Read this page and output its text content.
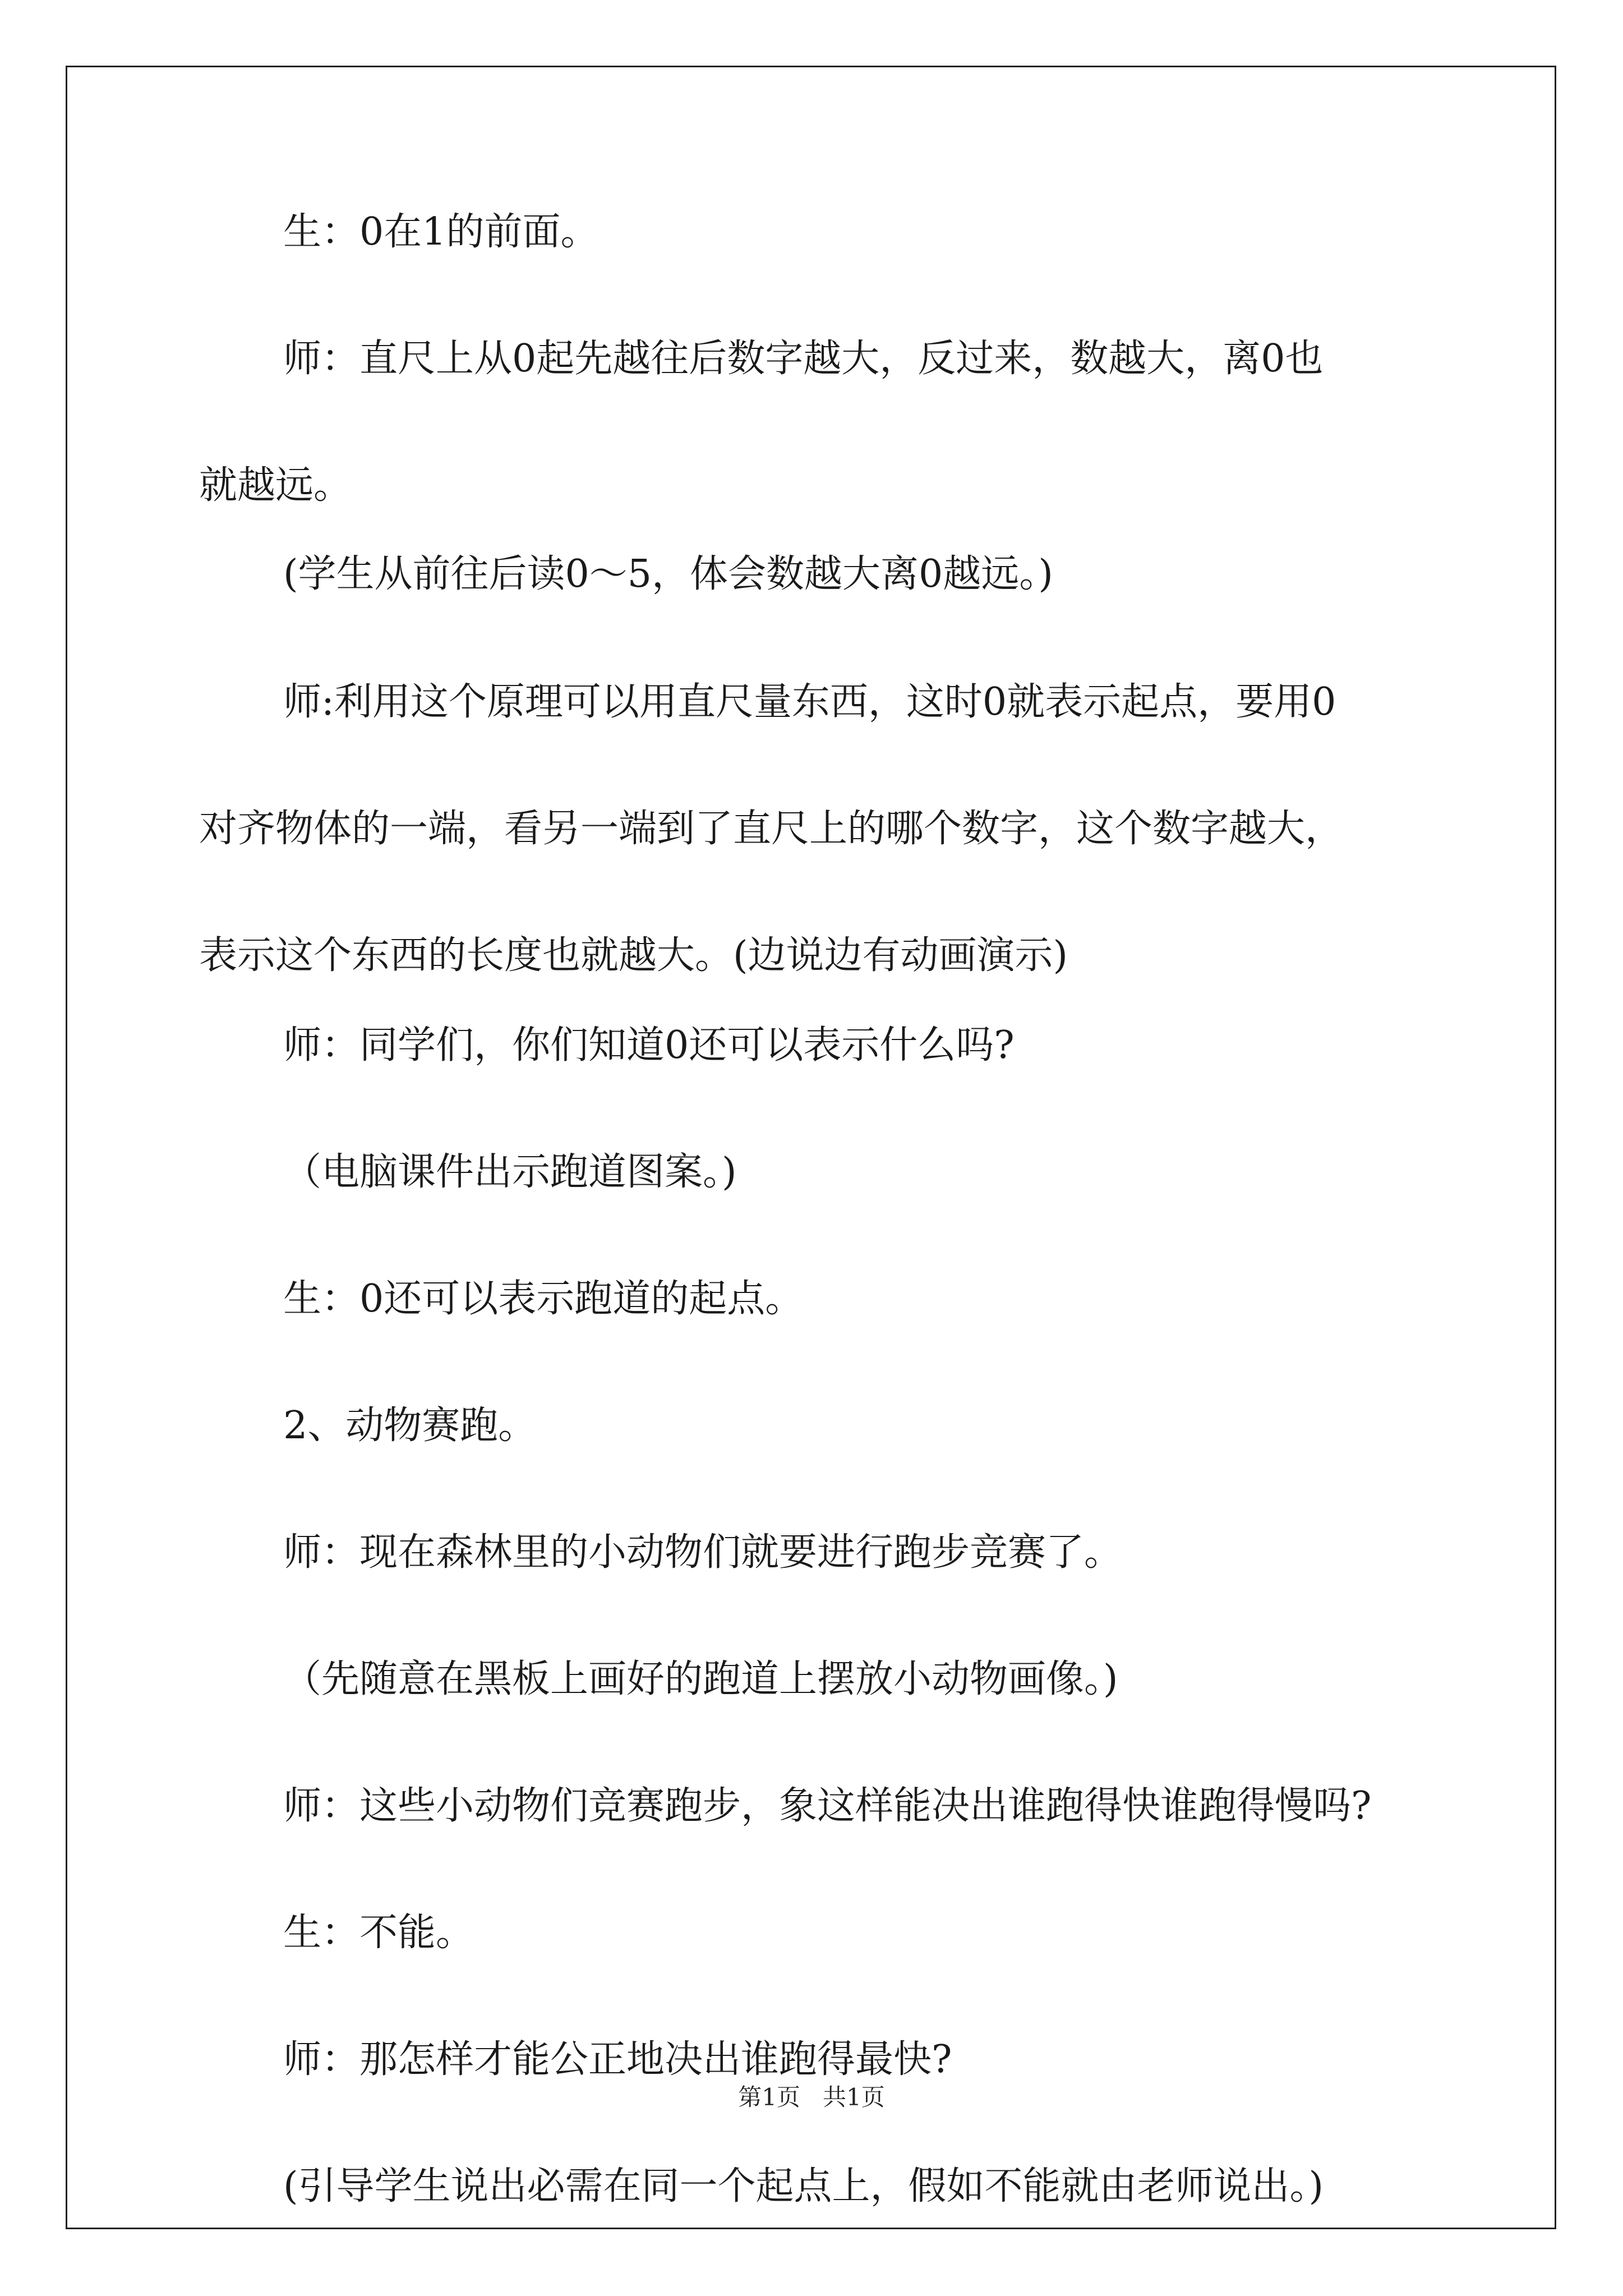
生：0在1的前面。
师：直尺上从0起先越往后数字越大，反过来，数越大，离0也
就越远。
(学生从前往后读0～5，体会数越大离0越远。)
师:利用这个原理可以用直尺量东西，这时0就表示起点，要用0
对齐物体的一端，看另一端到了直尺上的哪个数字，这个数字越大，
表示这个东西的长度也就越大。(边说边有动画演示)
师：同学们，你们知道0还可以表示什么吗?
（电脑课件出示跑道图案。)
生：0还可以表示跑道的起点。
2、动物赛跑。
师：现在森林里的小动物们就要进行跑步竞赛了。
（先随意在黑板上画好的跑道上摆放小动物画像。)
师：这些小动物们竞赛跑步，象这样能决出谁跑得快谁跑得慢吗?
生：不能。
师：那怎样才能公正地决出谁跑得最快?
(引导学生说出必需在同一个起点上，假如不能就由老师说出。)
第1页   共1页
